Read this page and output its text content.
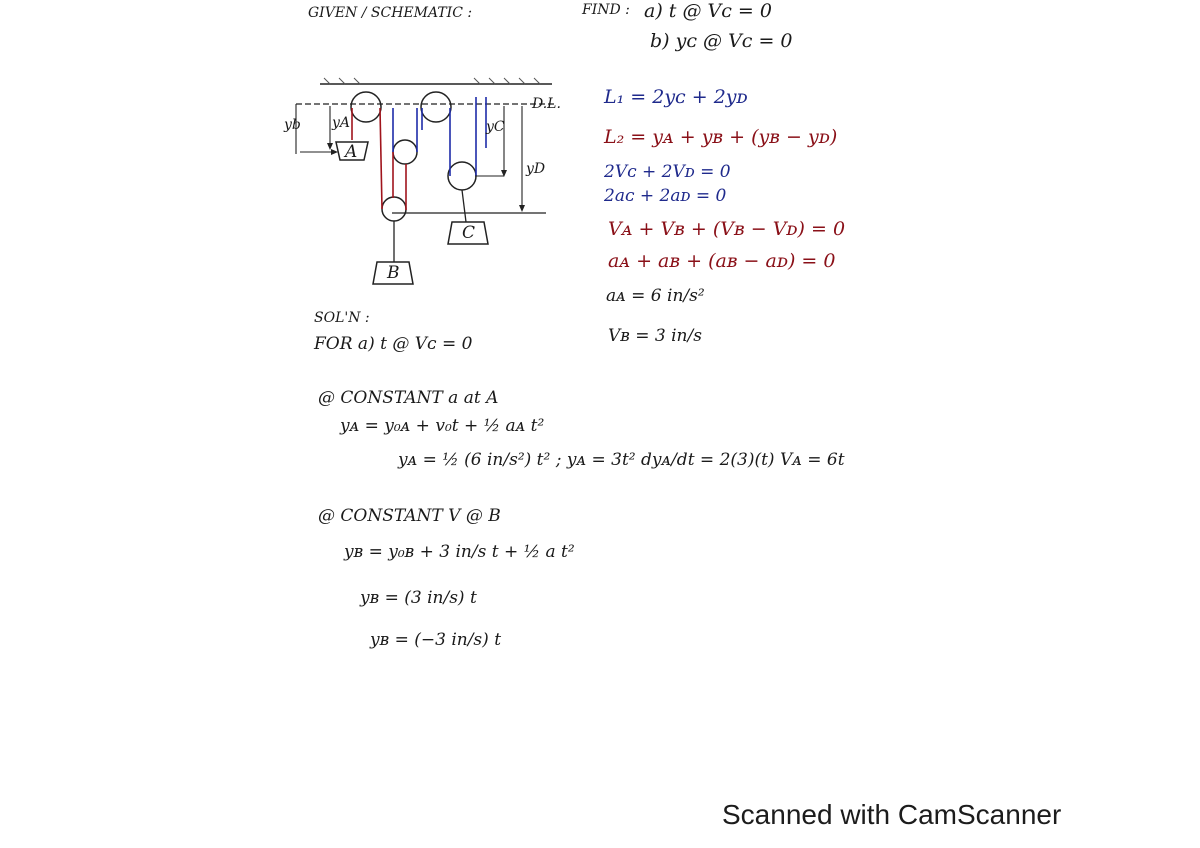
GIVEN / SCHEMATIC :	FIND : a) t @ Vᴄ = 0
b) yᴄ @ Vᴄ = 0
D.L.
yA	yC
yD
yb
A
B
C
L₁ = 2yᴄ + 2yᴅ
L₂ = yᴀ + yʙ + (yʙ − yᴅ)
2Vᴄ + 2Vᴅ = 0
2aᴄ + 2aᴅ = 0
Vᴀ + Vʙ + (Vʙ − Vᴅ) = 0
aᴀ + aʙ + (aʙ − aᴅ) = 0
aᴀ = 6 in/s²
Vʙ = 3 in/s
SOL'N :
FOR a) t @ Vᴄ = 0
@ CONSTANT a at A
yᴀ = y₀ᴀ + v₀t + ½ aᴀ t²
yᴀ = ½ (6 in/s²) t² ; yᴀ = 3t² dyᴀ/dt = 2(3)(t) Vᴀ = 6t
@ CONSTANT V @ B
yʙ = y₀ʙ + 3 in/s t + ½ a t²
yʙ = (3 in/s) t
yʙ = (−3 in/s) t
Scanned with CamScanner
